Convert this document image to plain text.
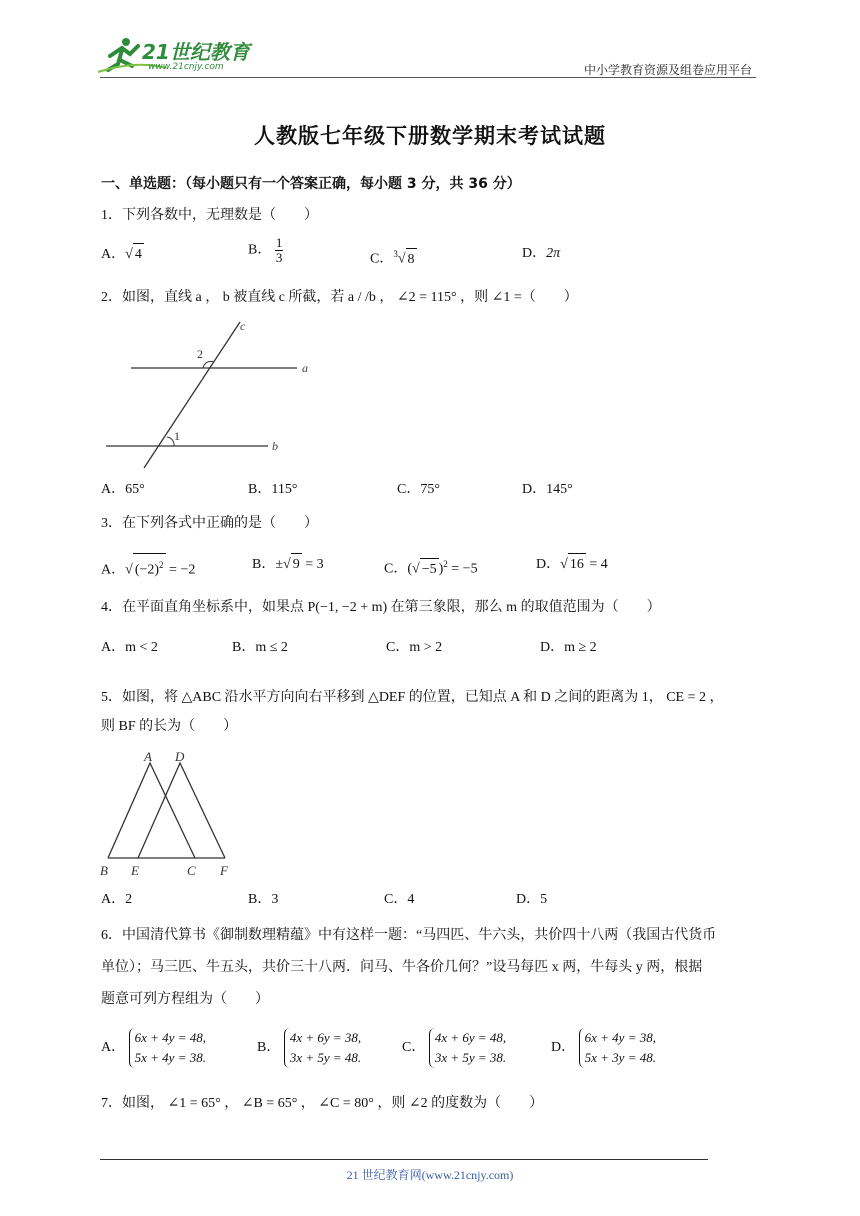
21世纪教育
www.21cnjy.com	中小学教育资源及组卷应用平台
人教版七年级下册数学期末考试试题
一、单选题：（每小题只有一个答案正确，每小题 3 分，共 36 分）
1．下列各数中，无理数是（　　）
A．√ 4	B． $\frac{1}{3}$	C．$^3$√ 8	D．2π
2．如图，直线 a ， b 被直线 c 所截，若 a / /b ， ∠2 = 115° ，则 ∠1 =（　　）
c
a
b
2
1
A．65°	B．115°	C．75°	D．145°
3．在下列各式中正确的是（　　）
A．√ $(-2)^2 = -2$	B．±√ 9 = 3	C．(√ −5 )$^2$ = −5	D．√ 16 = 4
4．在平面直角坐标系中，如果点 P(−1, −2 + m) 在第三象限，那么 m 的取值范围为（　　）
A．m < 2	B．m ≤ 2	C．m > 2	D．m ≥ 2
5．如图，将 △ABC 沿水平方向向右平移到 △DEF 的位置，已知点 A 和 D 之间的距离为 1， CE = 2 ，
则 BF 的长为（　　）
A D
B E	C F
A．2	B．3	C．4	D．5
6．中国清代算书《御制数理精蕴》中有这样一题：“马四匹、牛六头，共价四十八两（我国古代货币
单位）；马三匹、牛五头，共价三十八两．问马、牛各价几何？”设马每匹 x 两，牛每头 y 两，根据
题意可列方程组为（　　）
A．
6x + 4y = 48,
5x + 4y = 38.
B．
4x + 6y = 38,
3x + 5y = 48.
C．
4x + 6y = 48,
3x + 5y = 38.
D．
6x + 4y = 38,
5x + 3y = 48.
7．如图， ∠1 = 65° ， ∠B = 65° ， ∠C = 80° ，则 ∠2 的度数为（　　）
21 世纪教育网(www.21cnjy.com)
